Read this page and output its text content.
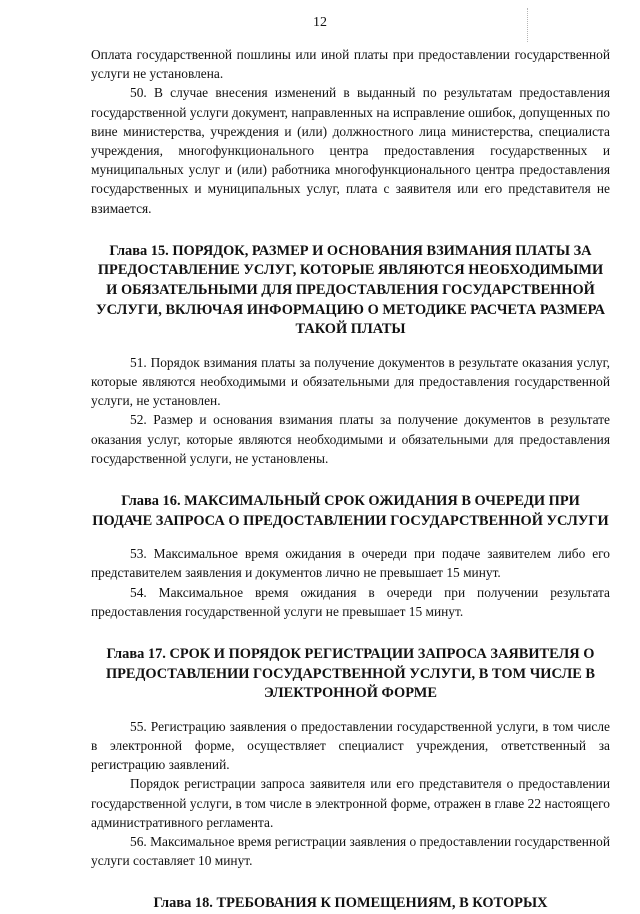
12

Оплата государственной пошлины или иной платы при предоставлении государственной услуги не установлена.

50. В случае внесения изменений в выданный по результатам предоставления государственной услуги документ, направленных на исправление ошибок, допущенных по вине министерства, учреждения и (или) должностного лица министерства, специалиста учреждения, многофункционального центра предоставления государственных и муниципальных услуг и (или) работника многофункционального центра предоставления государственных и муниципальных услуг, плата с заявителя или его представителя не взимается.

Глава 15. ПОРЯДОК, РАЗМЕР И ОСНОВАНИЯ ВЗИМАНИЯ ПЛАТЫ ЗА ПРЕДОСТАВЛЕНИЕ УСЛУГ, КОТОРЫЕ ЯВЛЯЮТСЯ НЕОБХОДИМЫМИ И ОБЯЗАТЕЛЬНЫМИ ДЛЯ ПРЕДОСТАВЛЕНИЯ ГОСУДАРСТВЕННОЙ УСЛУГИ, ВКЛЮЧАЯ ИНФОРМАЦИЮ О МЕТОДИКЕ РАСЧЕТА РАЗМЕРА ТАКОЙ ПЛАТЫ

51. Порядок взимания платы за получение документов в результате оказания услуг, которые являются необходимыми и обязательными для предоставления государственной услуги, не установлен.

52. Размер и основания взимания платы за получение документов в результате оказания услуг, которые являются необходимыми и обязательными для предоставления государственной услуги, не установлены.

Глава 16. МАКСИМАЛЬНЫЙ СРОК ОЖИДАНИЯ В ОЧЕРЕДИ ПРИ ПОДАЧЕ ЗАПРОСА О ПРЕДОСТАВЛЕНИИ ГОСУДАРСТВЕННОЙ УСЛУГИ

53. Максимальное время ожидания в очереди при подаче заявителем либо его представителем заявления и документов лично не превышает 15 минут.

54. Максимальное время ожидания в очереди при получении результата предоставления государственной услуги не превышает 15 минут.

Глава 17. СРОК И ПОРЯДОК РЕГИСТРАЦИИ ЗАПРОСА ЗАЯВИТЕЛЯ О ПРЕДОСТАВЛЕНИИ ГОСУДАРСТВЕННОЙ УСЛУГИ, В ТОМ ЧИСЛЕ В ЭЛЕКТРОННОЙ ФОРМЕ

55. Регистрацию заявления о предоставлении государственной услуги, в том числе в электронной форме, осуществляет специалист учреждения, ответственный за регистрацию заявлений.

Порядок регистрации запроса заявителя или его представителя о предоставлении государственной услуги, в том числе в электронной форме, отражен в главе 22 настоящего административного регламента.

56. Максимальное время регистрации заявления о предоставлении государственной услуги составляет 10 минут.

Глава 18. ТРЕБОВАНИЯ К ПОМЕЩЕНИЯМ, В КОТОРЫХ
